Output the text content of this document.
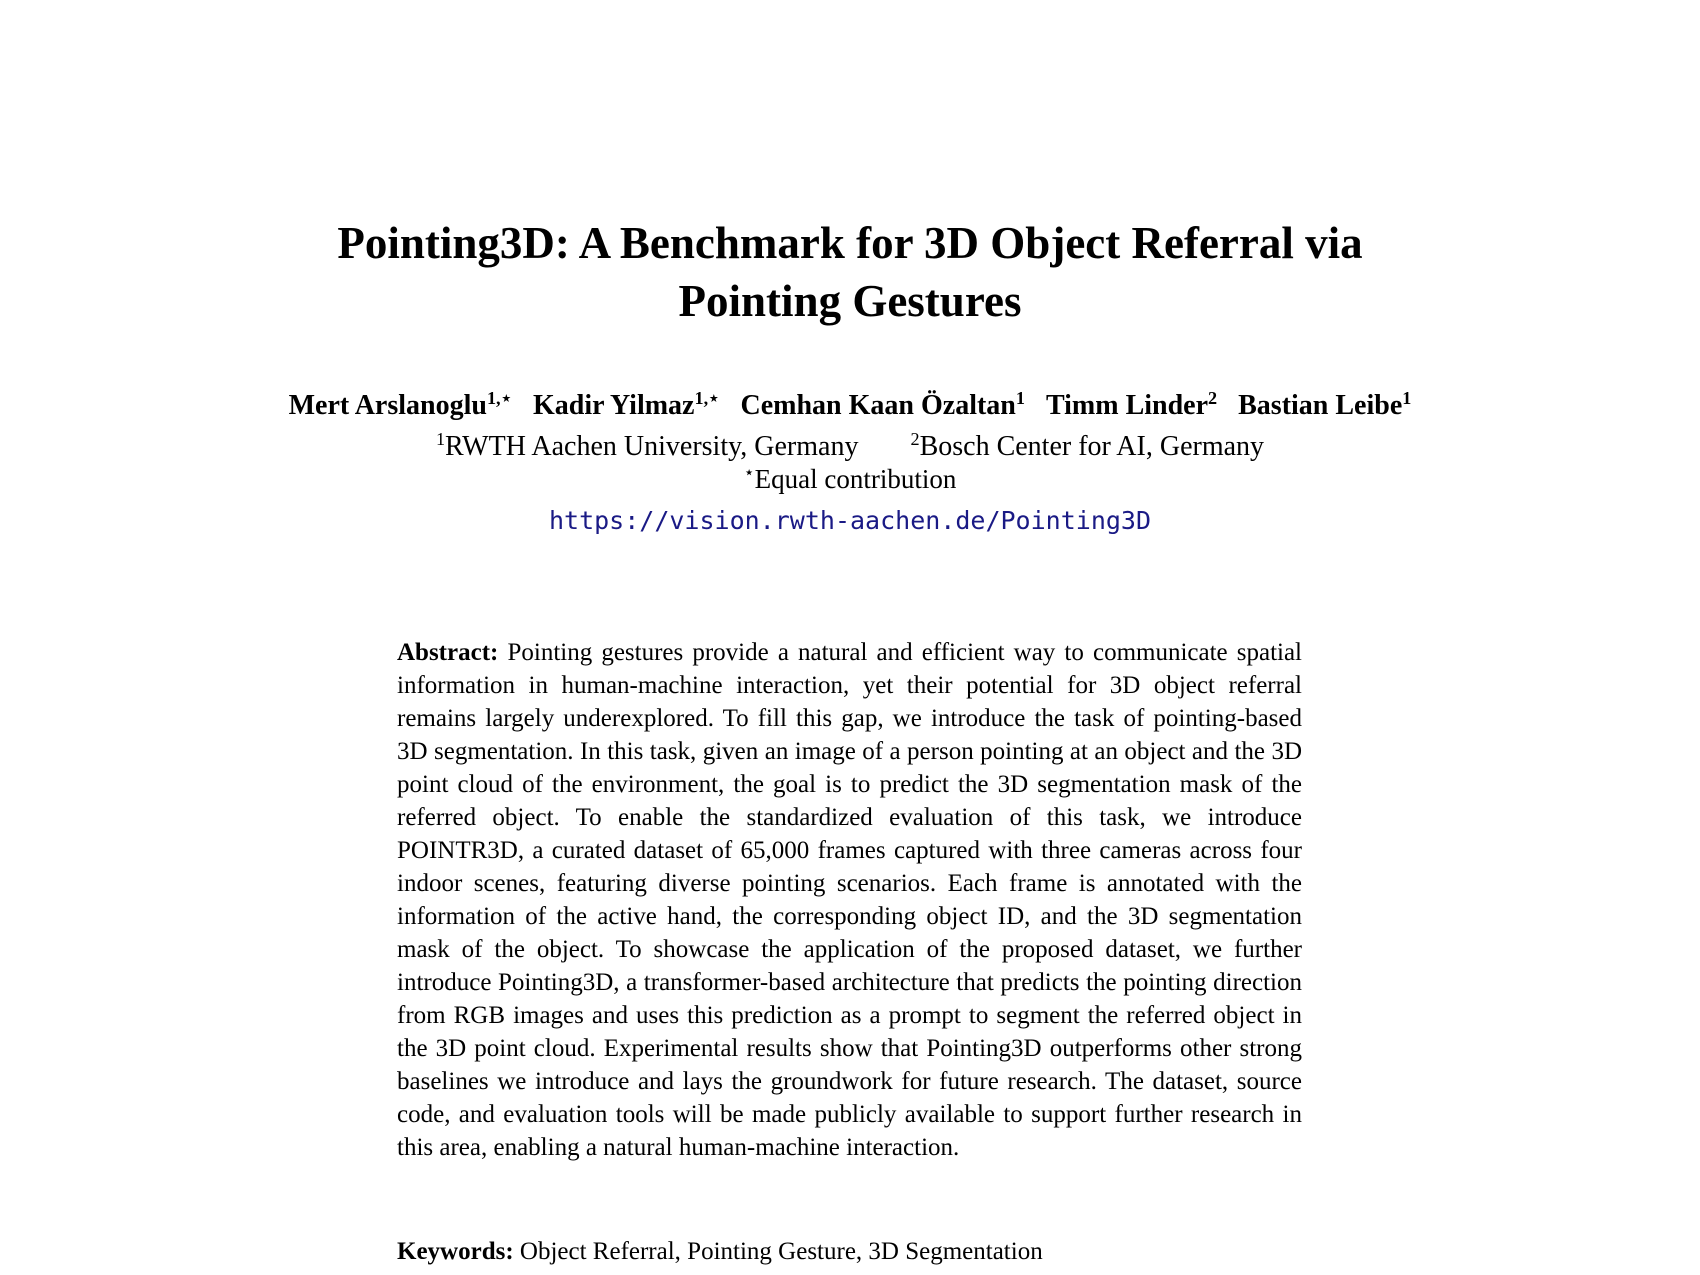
Pointing3D: A Benchmark for 3D Object Referral via
Pointing Gestures
Mert Arslanoglu$^{1,⋆}$ Kadir Yilmaz$^{1,⋆}$ Cemhan Kaan Özaltan$^1$ Timm Linder$^2$ Bastian Leibe$^1$
$^1$RWTH Aachen University, Germany	$^2$Bosch Center for AI, Germany
⋆Equal contribution
https://vision.rwth-aachen.de/Pointing3D
Abstract: Pointing gestures provide a natural and efficient way to communicate spatial information in human-machine interaction, yet their potential for 3D object referral remains largely underexplored. To fill this gap, we introduce the task of pointing-based 3D segmentation. In this task, given an image of a person pointing at an object and the 3D point cloud of the environment, the goal is to predict the 3D segmentation mask of the referred object. To enable the standardized evaluation of this task, we introduce POINTR3D, a curated dataset of 65,000 frames captured with three cameras across four indoor scenes, featuring diverse pointing scenarios. Each frame is annotated with the information of the active hand, the corresponding object ID, and the 3D segmentation mask of the object. To showcase the application of the proposed dataset, we further introduce Pointing3D, a transformer-based architecture that predicts the pointing direction from RGB images and uses this prediction as a prompt to segment the referred object in the 3D point cloud. Experimental results show that Pointing3D outperforms other strong baselines we introduce and lays the groundwork for future research. The dataset, source code, and evaluation tools will be made publicly available to support further research in this area, enabling a natural human-machine interaction.
Keywords: Object Referral, Pointing Gesture, 3D Segmentation
